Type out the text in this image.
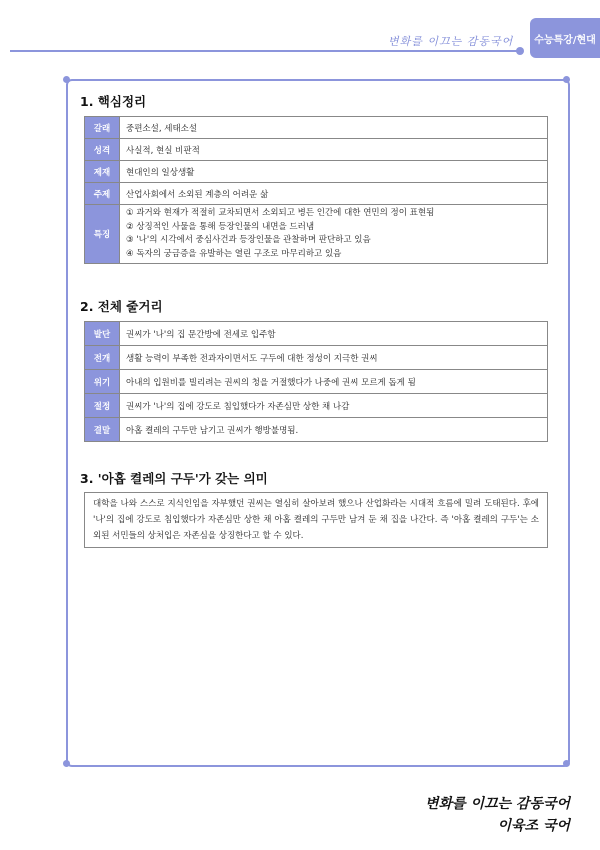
변화를 이끄는 감동국어	수능특강/현대
1. 핵심정리
갈래	중편소설, 세태소설
성격	사실적, 현실 비판적
제재	현대인의 일상생활
주제	산업사회에서 소외된 계층의 어려운 삶
특징	① 과거와 현재가 적절히 교차되면서 소외되고 병든 인간에 대한 연민의 정이 표현됨
② 상징적인 사물을 통해 등장인물의 내면을 드러냄
③ '나'의 시각에서 중심사건과 등장인물을 관찰하며 판단하고 있음
④ 독자의 궁금증을 유발하는 열린 구조로 마무리하고 있음
2. 전체 줄거리
발단	권씨가 '나'의 집 문간방에 전세로 입주함
전개	생활 능력이 부족한 전과자이면서도 구두에 대한 정성이 지극한 권씨
위기	아내의 입원비를 빌리려는 권씨의 청을 거절했다가 나중에 권씨 모르게 돕게 됨
절정	권씨가 '나'의 집에 강도로 침입했다가 자존심만 상한 채 나감
결말	아홉 켤레의 구두만 남기고 권씨가 행방불명됨.
3. '아홉 켤레의 구두'가 갖는 의미
대학을 나와 스스로 지식인임을 자부했던 권씨는 열심히 살아보려 했으나 산업화라는 시대적 흐름에 밀려 도태된다. 후에 '나'의 집에 강도로 침입했다가 자존심만 상한 채 아홉 켤레의 구두만 남겨 둔 채 집을 나간다. 즉 '아홉 켤레의 구두'는 소외된 서민들의 상처입은 자존심을 상징한다고 할 수 있다.
변화를 이끄는 감동국어
이육조 국어
